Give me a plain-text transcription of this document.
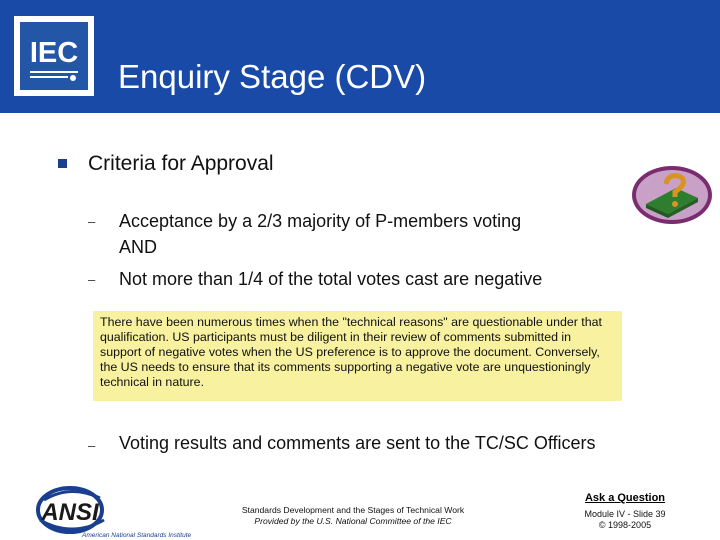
IEC
Enquiry Stage (CDV)
Criteria for Approval
– Acceptance by a 2/3 majority of P-members voting
AND
– Not more than 1/4 of the total votes cast are negative
There have been numerous times when the "technical reasons" are questionable under that qualification. US participants must be diligent in their review of comments submitted in support of negative votes when the US preference is to approve the document. Conversely, the US needs to ensure that its comments supporting a negative vote are unquestioningly technical in nature.
– Voting results and comments are sent to the TC/SC Officers
ANSI
American National Standards Institute
Standards Development and the Stages of Technical Work
Provided by the U.S. National Committee of the IEC
Ask a Question
Module IV - Slide 39
© 1998-2005
